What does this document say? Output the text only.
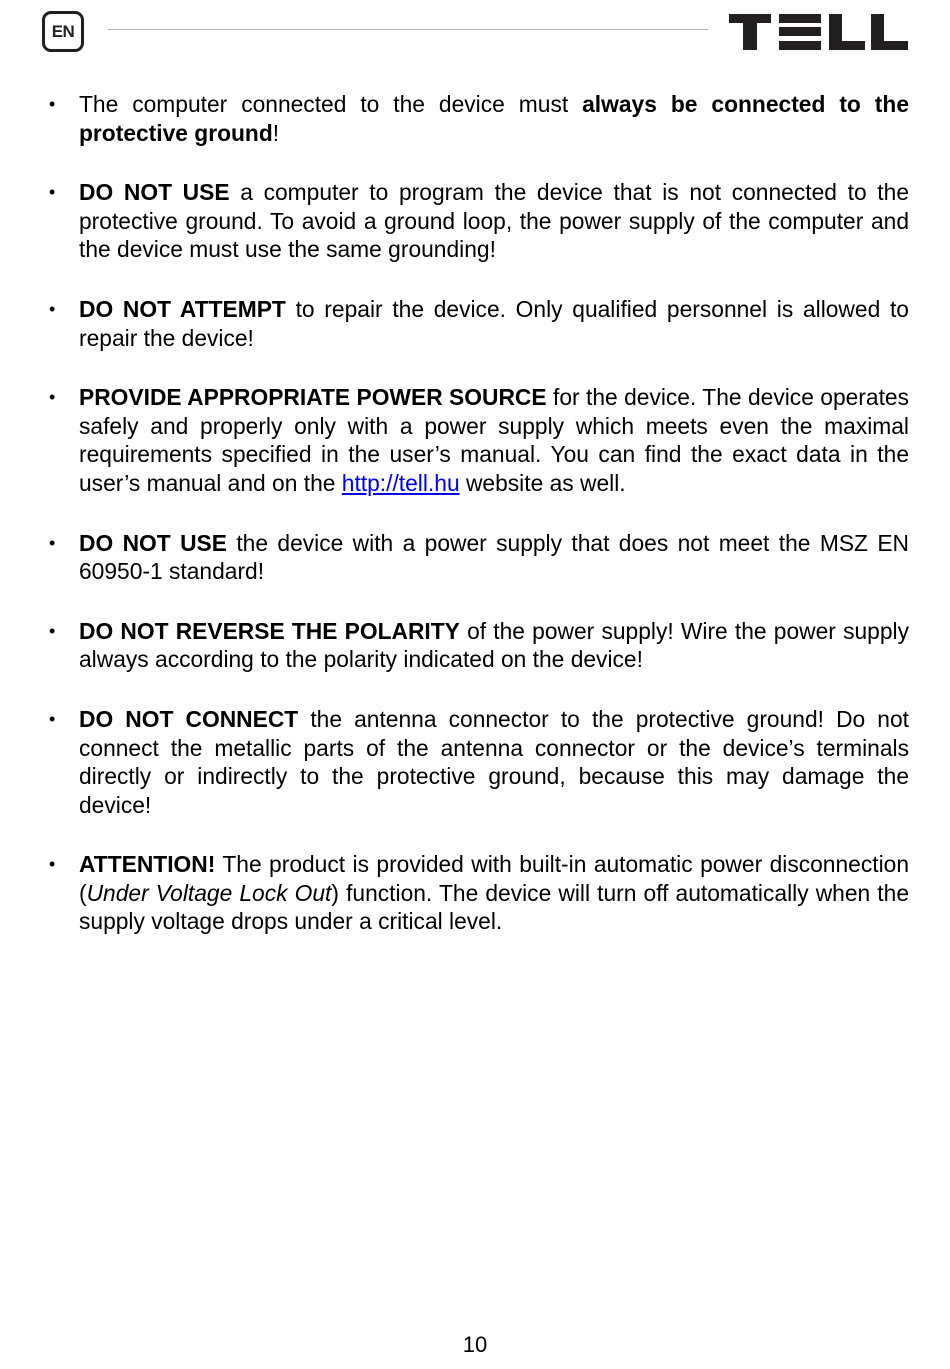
EN
• The computer connected to the device must always be connected to the protective ground!
• DO NOT USE a computer to program the device that is not connected to the protective ground. To avoid a ground loop, the power supply of the computer and the device must use the same grounding!
• DO NOT ATTEMPT to repair the device. Only qualified personnel is allowed to repair the device!
• PROVIDE APPROPRIATE POWER SOURCE for the device. The device operates safely and properly only with a power supply which meets even the maximal requirements specified in the user’s manual. You can find the exact data in the user’s manual and on the http://tell.hu website as well.
• DO NOT USE the device with a power supply that does not meet the MSZ EN 60950-1 standard!
• DO NOT REVERSE THE POLARITY of the power supply! Wire the power supply always according to the polarity indicated on the device!
• DO NOT CONNECT the antenna connector to the protective ground! Do not connect the metallic parts of the antenna connector or the device’s terminals directly or indirectly to the protective ground, because this may damage the device!
• ATTENTION! The product is provided with built-in automatic power disconnection (Under Voltage Lock Out) function. The device will turn off automatically when the supply voltage drops under a critical level.
10
